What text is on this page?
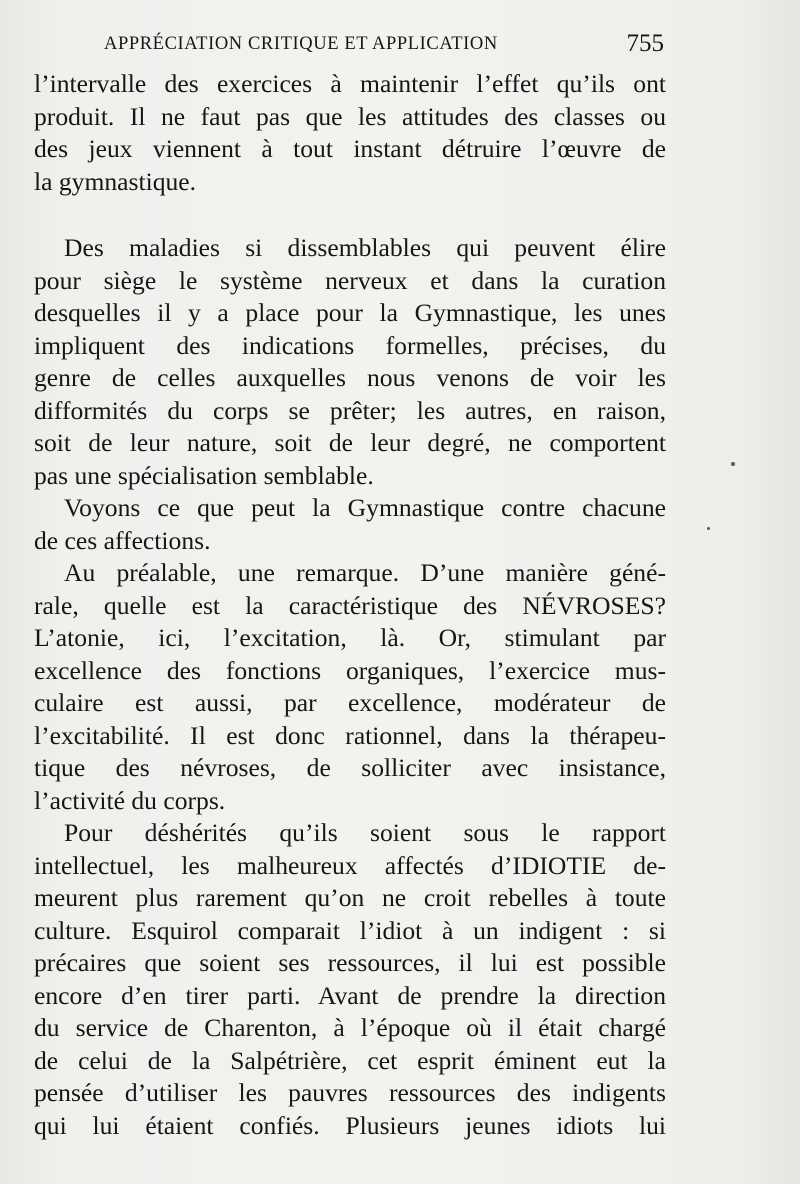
APPRÉCIATION CRITIQUE ET APPLICATION	755
l’intervalle des exercices à maintenir l’effet qu’ils ont
produit. Il ne faut pas que les attitudes des classes ou
des jeux viennent à tout instant détruire l’œuvre de
la gymnastique.
Des maladies si dissemblables qui peuvent élire
pour siège le système nerveux et dans la curation
desquelles il y a place pour la Gymnastique, les unes
impliquent des indications formelles, précises, du
genre de celles auxquelles nous venons de voir les
difformités du corps se prêter; les autres, en raison,
soit de leur nature, soit de leur degré, ne comportent
pas une spécialisation semblable.
Voyons ce que peut la Gymnastique contre chacune
de ces affections.
Au préalable, une remarque. D’une manière géné-
rale, quelle est la caractéristique des NÉVROSES?
L’atonie, ici, l’excitation, là. Or, stimulant par
excellence des fonctions organiques, l’exercice mus-
culaire est aussi, par excellence, modérateur de
l’excitabilité. Il est donc rationnel, dans la thérapeu-
tique des névroses, de solliciter avec insistance,
l’activité du corps.
Pour déshérités qu’ils soient sous le rapport
intellectuel, les malheureux affectés d’IDIOTIE de-
meurent plus rarement qu’on ne croit rebelles à toute
culture. Esquirol comparait l’idiot à un indigent : si
précaires que soient ses ressources, il lui est possible
encore d’en tirer parti. Avant de prendre la direction
du service de Charenton, à l’époque où il était chargé
de celui de la Salpétrière, cet esprit éminent eut la
pensée d’utiliser les pauvres ressources des indigents
qui lui étaient confiés. Plusieurs jeunes idiots lui
